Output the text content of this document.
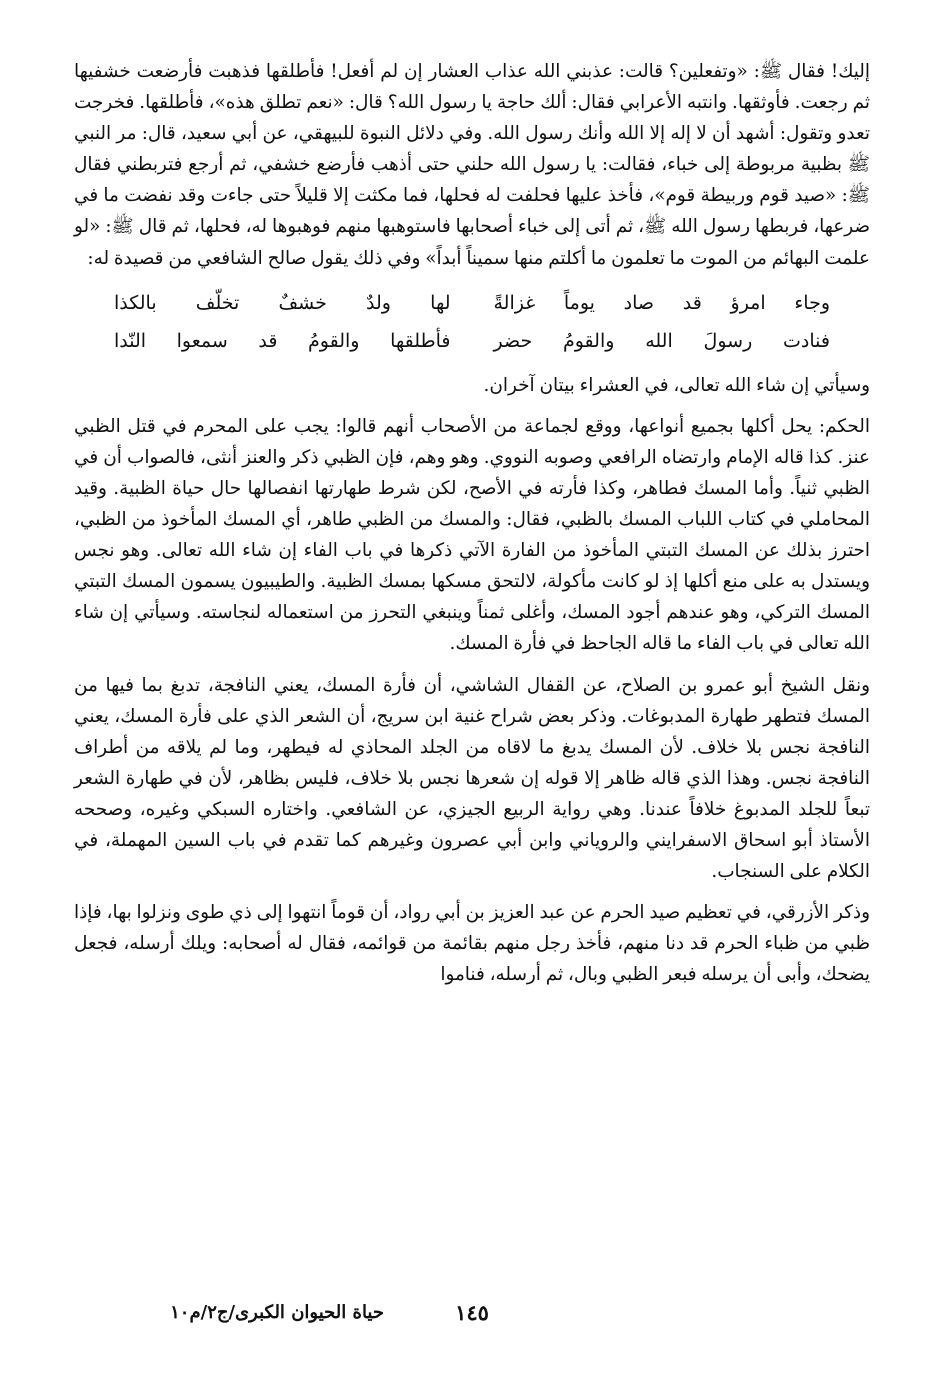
إليك! فقال ﷺ: «وتفعلين؟ قالت: عذبني الله عذاب العشار إن لم أفعل! فأطلقها فذهبت فأرضعت خشفيها ثم رجعت. فأوثقها. وانتبه الأعرابي فقال: ألك حاجة يا رسول الله؟ قال: «نعم تطلق هذه»، فأطلقها. فخرجت تعدو وتقول: أشهد أن لا إله إلا الله وأنك رسول الله. وفي دلائل النبوة للبيهقي، عن أبي سعيد، قال: مر النبي ﷺ بظبية مربوطة إلى خباء، فقالت: يا رسول الله حلني حتى أذهب فأرضع خشفي، ثم أرجع فتربطني فقال ﷺ: «صيد قوم وربيطة قوم»، فأخذ عليها فحلفت له فحلها، فما مكثت إلا قليلاً حتى جاءت وقد نفضت ما في ضرعها، فربطها رسول الله ﷺ، ثم أتى إلى خباء أصحابها فاستوهبها منهم فوهبوها له، فحلها، ثم قال ﷺ: «لو علمت البهائم من الموت ما تعلمون ما أكلتم منها سميناً أبداً» وفي ذلك يقول صالح الشافعي من قصيدة له:

وجاء امرؤ قد صاد يوماً غزالةً
لها ولدٌ خشفٌ تخلّف بالكذا
فنادت رسولَ الله والقومُ حضر
فأطلقها والقومُ قد سمعوا النّدا

وسيأتي إن شاء الله تعالى، في العشراء بيتان آخران.

الحكم: يحل أكلها بجميع أنواعها، ووقع لجماعة من الأصحاب أنهم قالوا: يجب على المحرم في قتل الظبي عنز. كذا قاله الإمام وارتضاه الرافعي وصوبه النووي. وهو وهم، فإن الظبي ذكر والعنز أنثى، فالصواب أن في الظبي ثنياً. وأما المسك فطاهر، وكذا فأرته في الأصح، لكن شرط طهارتها انفصالها حال حياة الظبية. وقيد المحاملي في كتاب اللباب المسك بالظبي، فقال: والمسك من الظبي طاهر، أي المسك المأخوذ من الظبي، احترز بذلك عن المسك التبتي المأخوذ من الفارة الآتي ذكرها في باب الفاء إن شاء الله تعالى. وهو نجس ويستدل به على منع أكلها إذ لو كانت مأكولة، لالتحق مسكها بمسك الظبية. والطيبيون يسمون المسك التبتي المسك التركي، وهو عندهم أجود المسك، وأغلى ثمناً وينبغي التحرز من استعماله لنجاسته. وسيأتي إن شاء الله تعالى في باب الفاء ما قاله الجاحظ في فأرة المسك.

ونقل الشيخ أبو عمرو بن الصلاح، عن القفال الشاشي، أن فأرة المسك، يعني النافجة، تدبغ بما فيها من المسك فتطهر طهارة المدبوغات. وذكر بعض شراح غنية ابن سريج، أن الشعر الذي على فأرة المسك، يعني النافجة نجس بلا خلاف. لأن المسك يدبغ ما لاقاه من الجلد المحاذي له فيطهر، وما لم يلاقه من أطراف النافجة نجس. وهذا الذي قاله ظاهر إلا قوله إن شعرها نجس بلا خلاف، فليس بظاهر، لأن في طهارة الشعر تبعاً للجلد المدبوغ خلافاً عندنا. وهي رواية الربيع الجيزي، عن الشافعي. واختاره السبكي وغيره، وصححه الأستاذ أبو اسحاق الاسفرايني والروياني وابن أبي عصرون وغيرهم كما تقدم في باب السين المهملة، في الكلام على السنجاب.

وذكر الأزرقي، في تعظيم صيد الحرم عن عبد العزيز بن أبي رواد، أن قوماً انتهوا إلى ذي طوى ونزلوا بها، فإذا ظبي من ظباء الحرم قد دنا منهم، فأخذ رجل منهم بقائمة من قوائمه، فقال له أصحابه: ويلك أرسله، فجعل يضحك، وأبى أن يرسله فبعر الظبي وبال، ثم أرسله، فناموا

١٤٥
حياة الحيوان الكبرى/ج٢/م١٠
